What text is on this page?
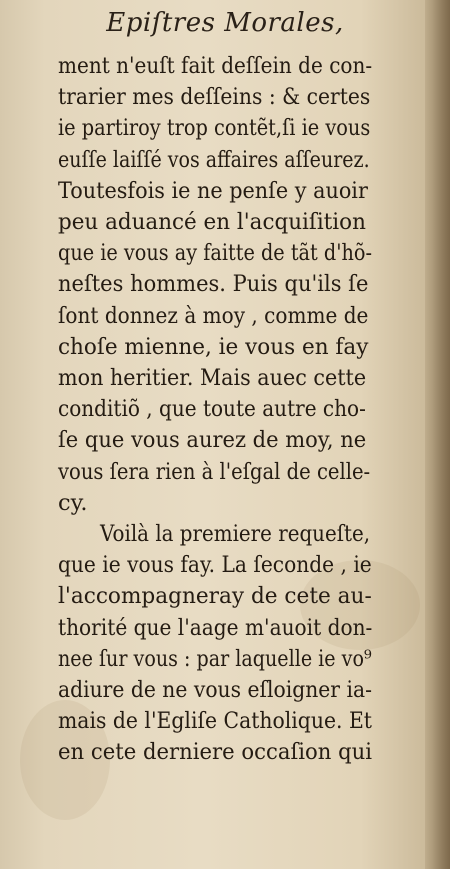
Epiſtres Morales,
ment n'euſt fait deſſein de con-
trarier mes deſſeins : & certes
ie partiroy trop contẽt,ſi ie vous
euſſe laiſſé vos affaires aſſeurez.
Toutesfois ie ne penſe y auoir
peu aduancé en l'acquiſition
que ie vous ay faitte de tãt d'hõ-
neſtes hommes. Puis qu'ils ſe
ſont donnez à moy , comme de
choſe mienne, ie vous en fay
mon heritier. Mais auec cette
conditiõ , que toute autre cho-
ſe que vous aurez de moy, ne
vous ſera rien à l'eſgal de celle-
cy.
Voilà la premiere requeſte,
que ie vous fay. La ſeconde , ie
l'accompagneray de cete au-
thorité que l'aage m'auoit don-
nee ſur vous : par laquelle ie vo⁹
adiure de ne vous eſloigner ia-
mais de l'Egliſe Catholique. Et
en cete derniere occaſion qui
